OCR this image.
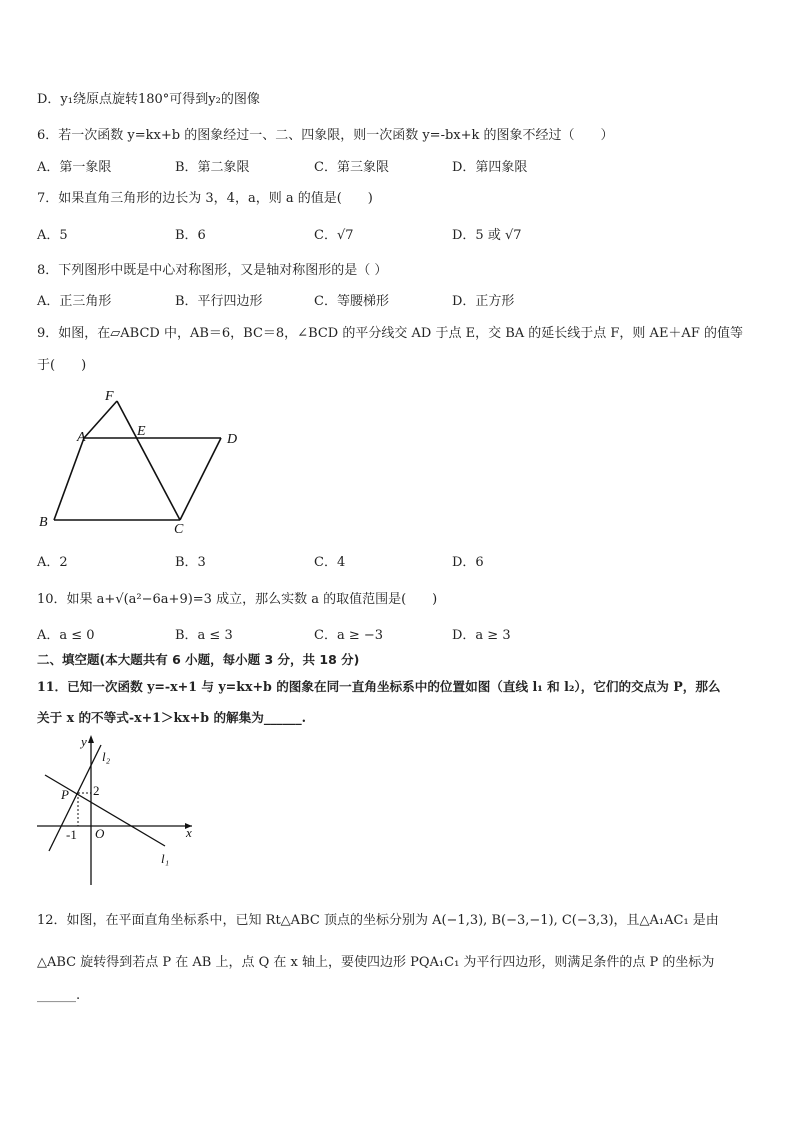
D．y₁绕原点旋转180°可得到y₂的图像
6．若一次函数 y=kx+b 的图象经过一、二、四象限，则一次函数 y=-bx+k 的图象不经过（　　）
A．第一象限	B．第二象限	C．第三象限	D．第四象限
7．如果直角三角形的边长为 3，4，a，则 a 的值是(　　)
A．5	B．6	C．√7	D．5 或 √7
8．下列图形中既是中心对称图形，又是轴对称图形的是（ ）
A．正三角形	B．平行四边形	C．等腰梯形	D．正方形
9．如图，在▱ABCD 中，AB＝6，BC＝8，∠BCD 的平分线交 AD 于点 E，交 BA 的延长线于点 F，则 AE＋AF 的值等
于(　　)
F
A	E
D
B	C
A．2	B．3	C．4	D．6
10．如果 a+√(a²−6a+9)=3 成立，那么实数 a 的取值范围是(　　)
A．a ≤ 0	B．a ≤ 3	C．a ≥ −3	D．a ≥ 3
二、填空题(本大题共有 6 小题，每小题 3 分，共 18 分)
11．已知一次函数 y=-x+1 与 y=kx+b 的图象在同一直角坐标系中的位置如图（直线 l₁ 和 l₂），它们的交点为 P，那么
关于 x 的不等式-x+1＞kx+b 的解集为______.
y
x
O
P
l₁
l₂
2
-1
12．如图，在平面直角坐标系中，已知 Rt△ABC 顶点的坐标分别为 A(−1,3), B(−3,−1), C(−3,3)，且△A₁AC₁ 是由
△ABC 旋转得到若点 P 在 AB 上，点 Q 在 x 轴上，要使四边形 PQA₁C₁ 为平行四边形，则满足条件的点 P 的坐标为
______.
